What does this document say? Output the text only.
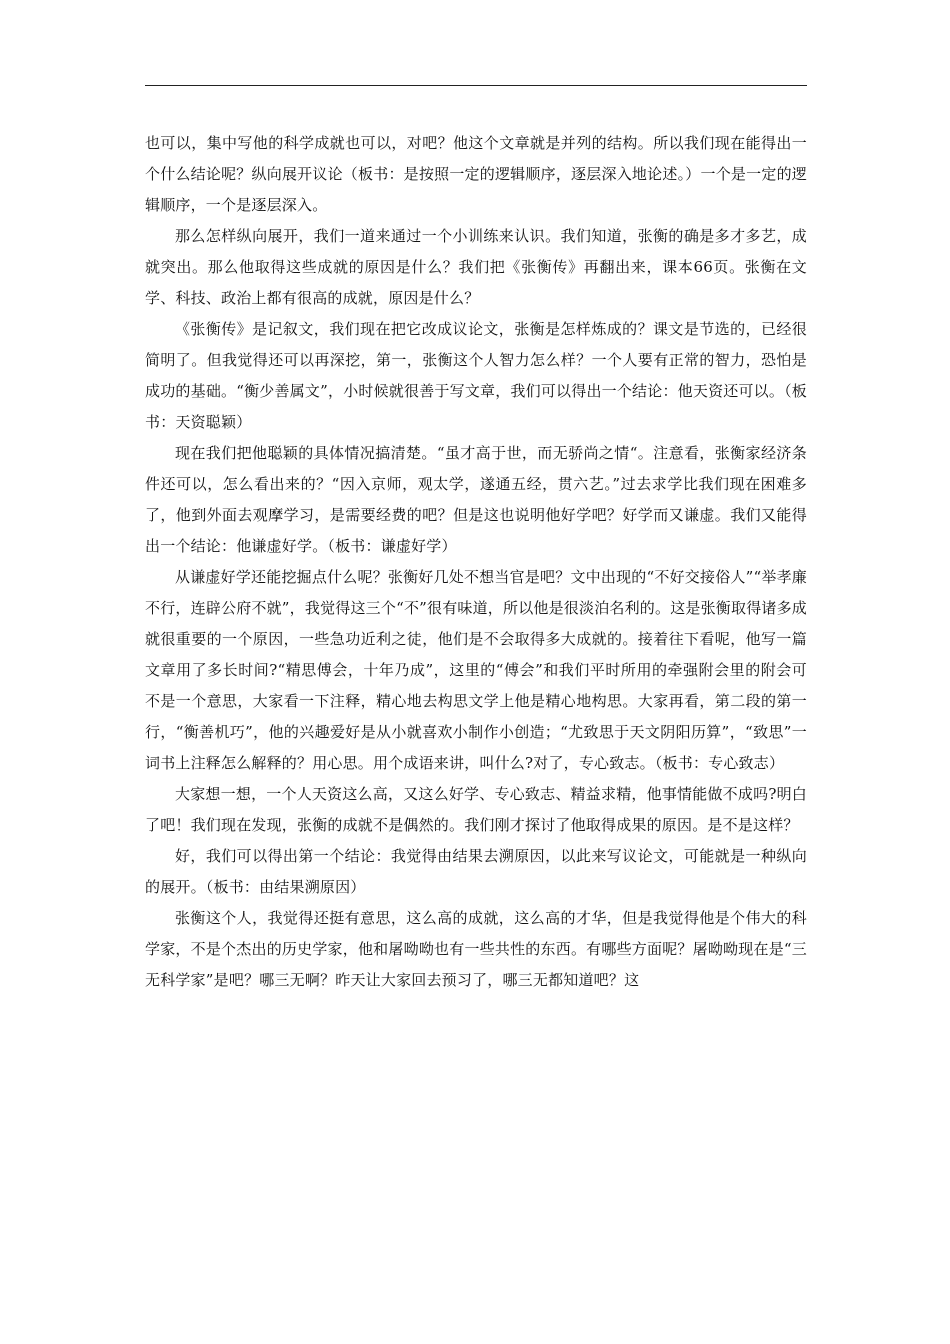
也可以，集中写他的科学成就也可以，对吧？他这个文章就是并列的结构。所以我们现在能得出一个什么结论呢？纵向展开议论（板书：是按照一定的逻辑顺序，逐层深入地论述。）一个是一定的逻辑顺序，一个是逐层深入。

那么怎样纵向展开，我们一道来通过一个小训练来认识。我们知道，张衡的确是多才多艺，成就突出。那么他取得这些成就的原因是什么？我们把《张衡传》再翻出来，课本66页。张衡在文学、科技、政治上都有很高的成就，原因是什么？

《张衡传》是记叙文，我们现在把它改成议论文，张衡是怎样炼成的？课文是节选的，已经很简明了。但我觉得还可以再深挖，第一，张衡这个人智力怎么样？一个人要有正常的智力，恐怕是成功的基础。“衡少善属文”，小时候就很善于写文章，我们可以得出一个结论：他天资还可以。（板书：天资聪颖）

现在我们把他聪颖的具体情况搞清楚。“虽才高于世，而无骄尚之情“。注意看，张衡家经济条件还可以，怎么看出来的？“因入京师，观太学，遂通五经，贯六艺。”过去求学比我们现在困难多了，他到外面去观摩学习，是需要经费的吧？但是这也说明他好学吧？好学而又谦虚。我们又能得出一个结论：他谦虚好学。（板书：谦虚好学）

从谦虚好学还能挖掘点什么呢？张衡好几处不想当官是吧？文中出现的“不好交接俗人”“举孝廉不行，连辟公府不就”，我觉得这三个“不”很有味道，所以他是很淡泊名利的。这是张衡取得诸多成就很重要的一个原因，一些急功近利之徒，他们是不会取得多大成就的。接着往下看呢，他写一篇文章用了多长时间?“精思傅会，十年乃成”，这里的“傅会”和我们平时所用的牵强附会里的附会可不是一个意思，大家看一下注释，精心地去构思文学上他是精心地构思。大家再看，第二段的第一行，“衡善机巧”，他的兴趣爱好是从小就喜欢小制作小创造；“尤致思于天文阴阳历算”，“致思”一词书上注释怎么解释的？用心思。用个成语来讲，叫什么?对了，专心致志。（板书：专心致志）

大家想一想，一个人天资这么高，又这么好学、专心致志、精益求精，他事情能做不成吗?明白了吧！我们现在发现，张衡的成就不是偶然的。我们刚才探讨了他取得成果的原因。是不是这样？

好，我们可以得出第一个结论：我觉得由结果去溯原因，以此来写议论文，可能就是一种纵向的展开。（板书：由结果溯原因）

张衡这个人，我觉得还挺有意思，这么高的成就，这么高的才华，但是我觉得他是个伟大的科学家，不是个杰出的历史学家，他和屠呦呦也有一些共性的东西。有哪些方面呢？屠呦呦现在是“三无科学家”是吧？哪三无啊？昨天让大家回去预习了，哪三无都知道吧？这
